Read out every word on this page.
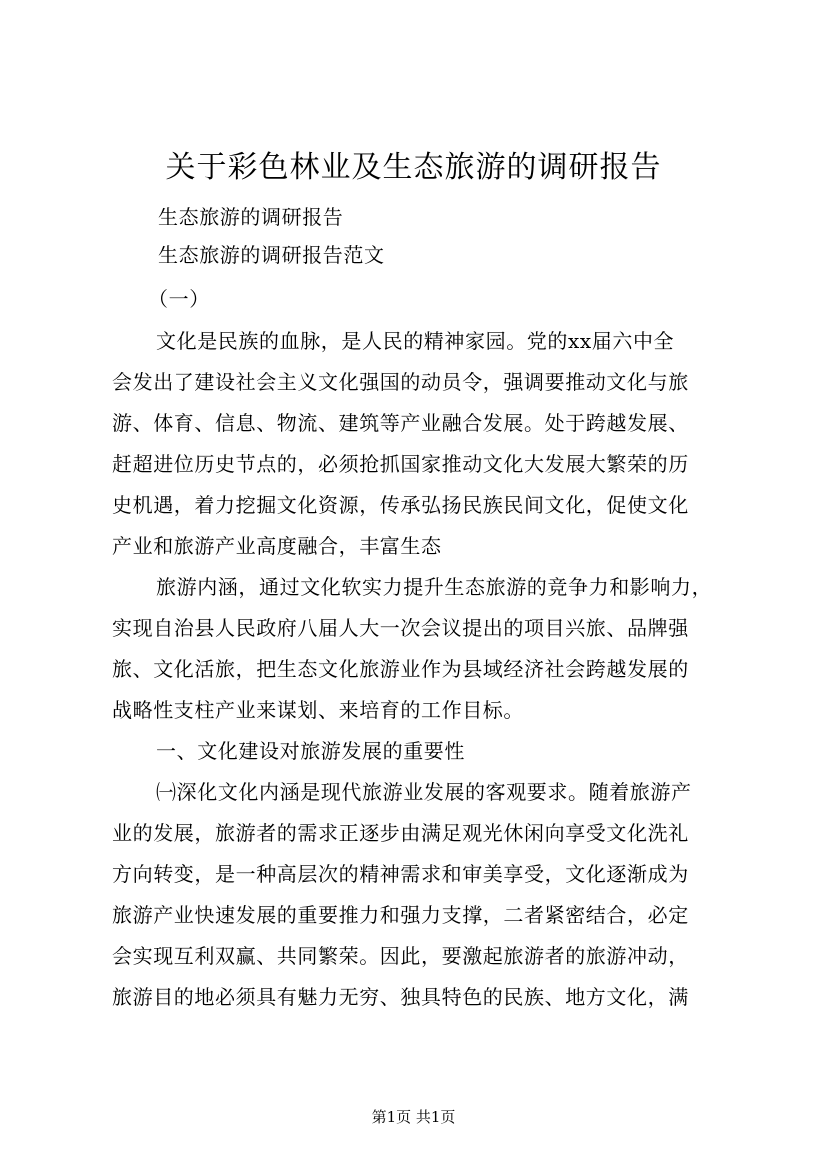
关于彩色林业及生态旅游的调研报告
生态旅游的调研报告
生态旅游的调研报告范文
（一）
文化是民族的血脉，是人民的精神家园。党的xx届六中全
会发出了建设社会主义文化强国的动员令，强调要推动文化与旅
游、体育、信息、物流、建筑等产业融合发展。处于跨越发展、
赶超进位历史节点的，必须抢抓国家推动文化大发展大繁荣的历
史机遇，着力挖掘文化资源，传承弘扬民族民间文化，促使文化
产业和旅游产业高度融合，丰富生态
旅游内涵，通过文化软实力提升生态旅游的竞争力和影响力，
实现自治县人民政府八届人大一次会议提出的项目兴旅、品牌强
旅、文化活旅，把生态文化旅游业作为县域经济社会跨越发展的
战略性支柱产业来谋划、来培育的工作目标。
一、文化建设对旅游发展的重要性
㈠深化文化内涵是现代旅游业发展的客观要求。随着旅游产
业的发展，旅游者的需求正逐步由满足观光休闲向享受文化洗礼
方向转变，是一种高层次的精神需求和审美享受，文化逐渐成为
旅游产业快速发展的重要推力和强力支撑，二者紧密结合，必定
会实现互利双赢、共同繁荣。因此，要激起旅游者的旅游冲动，
旅游目的地必须具有魅力无穷、独具特色的民族、地方文化，满
第1页 共1页
